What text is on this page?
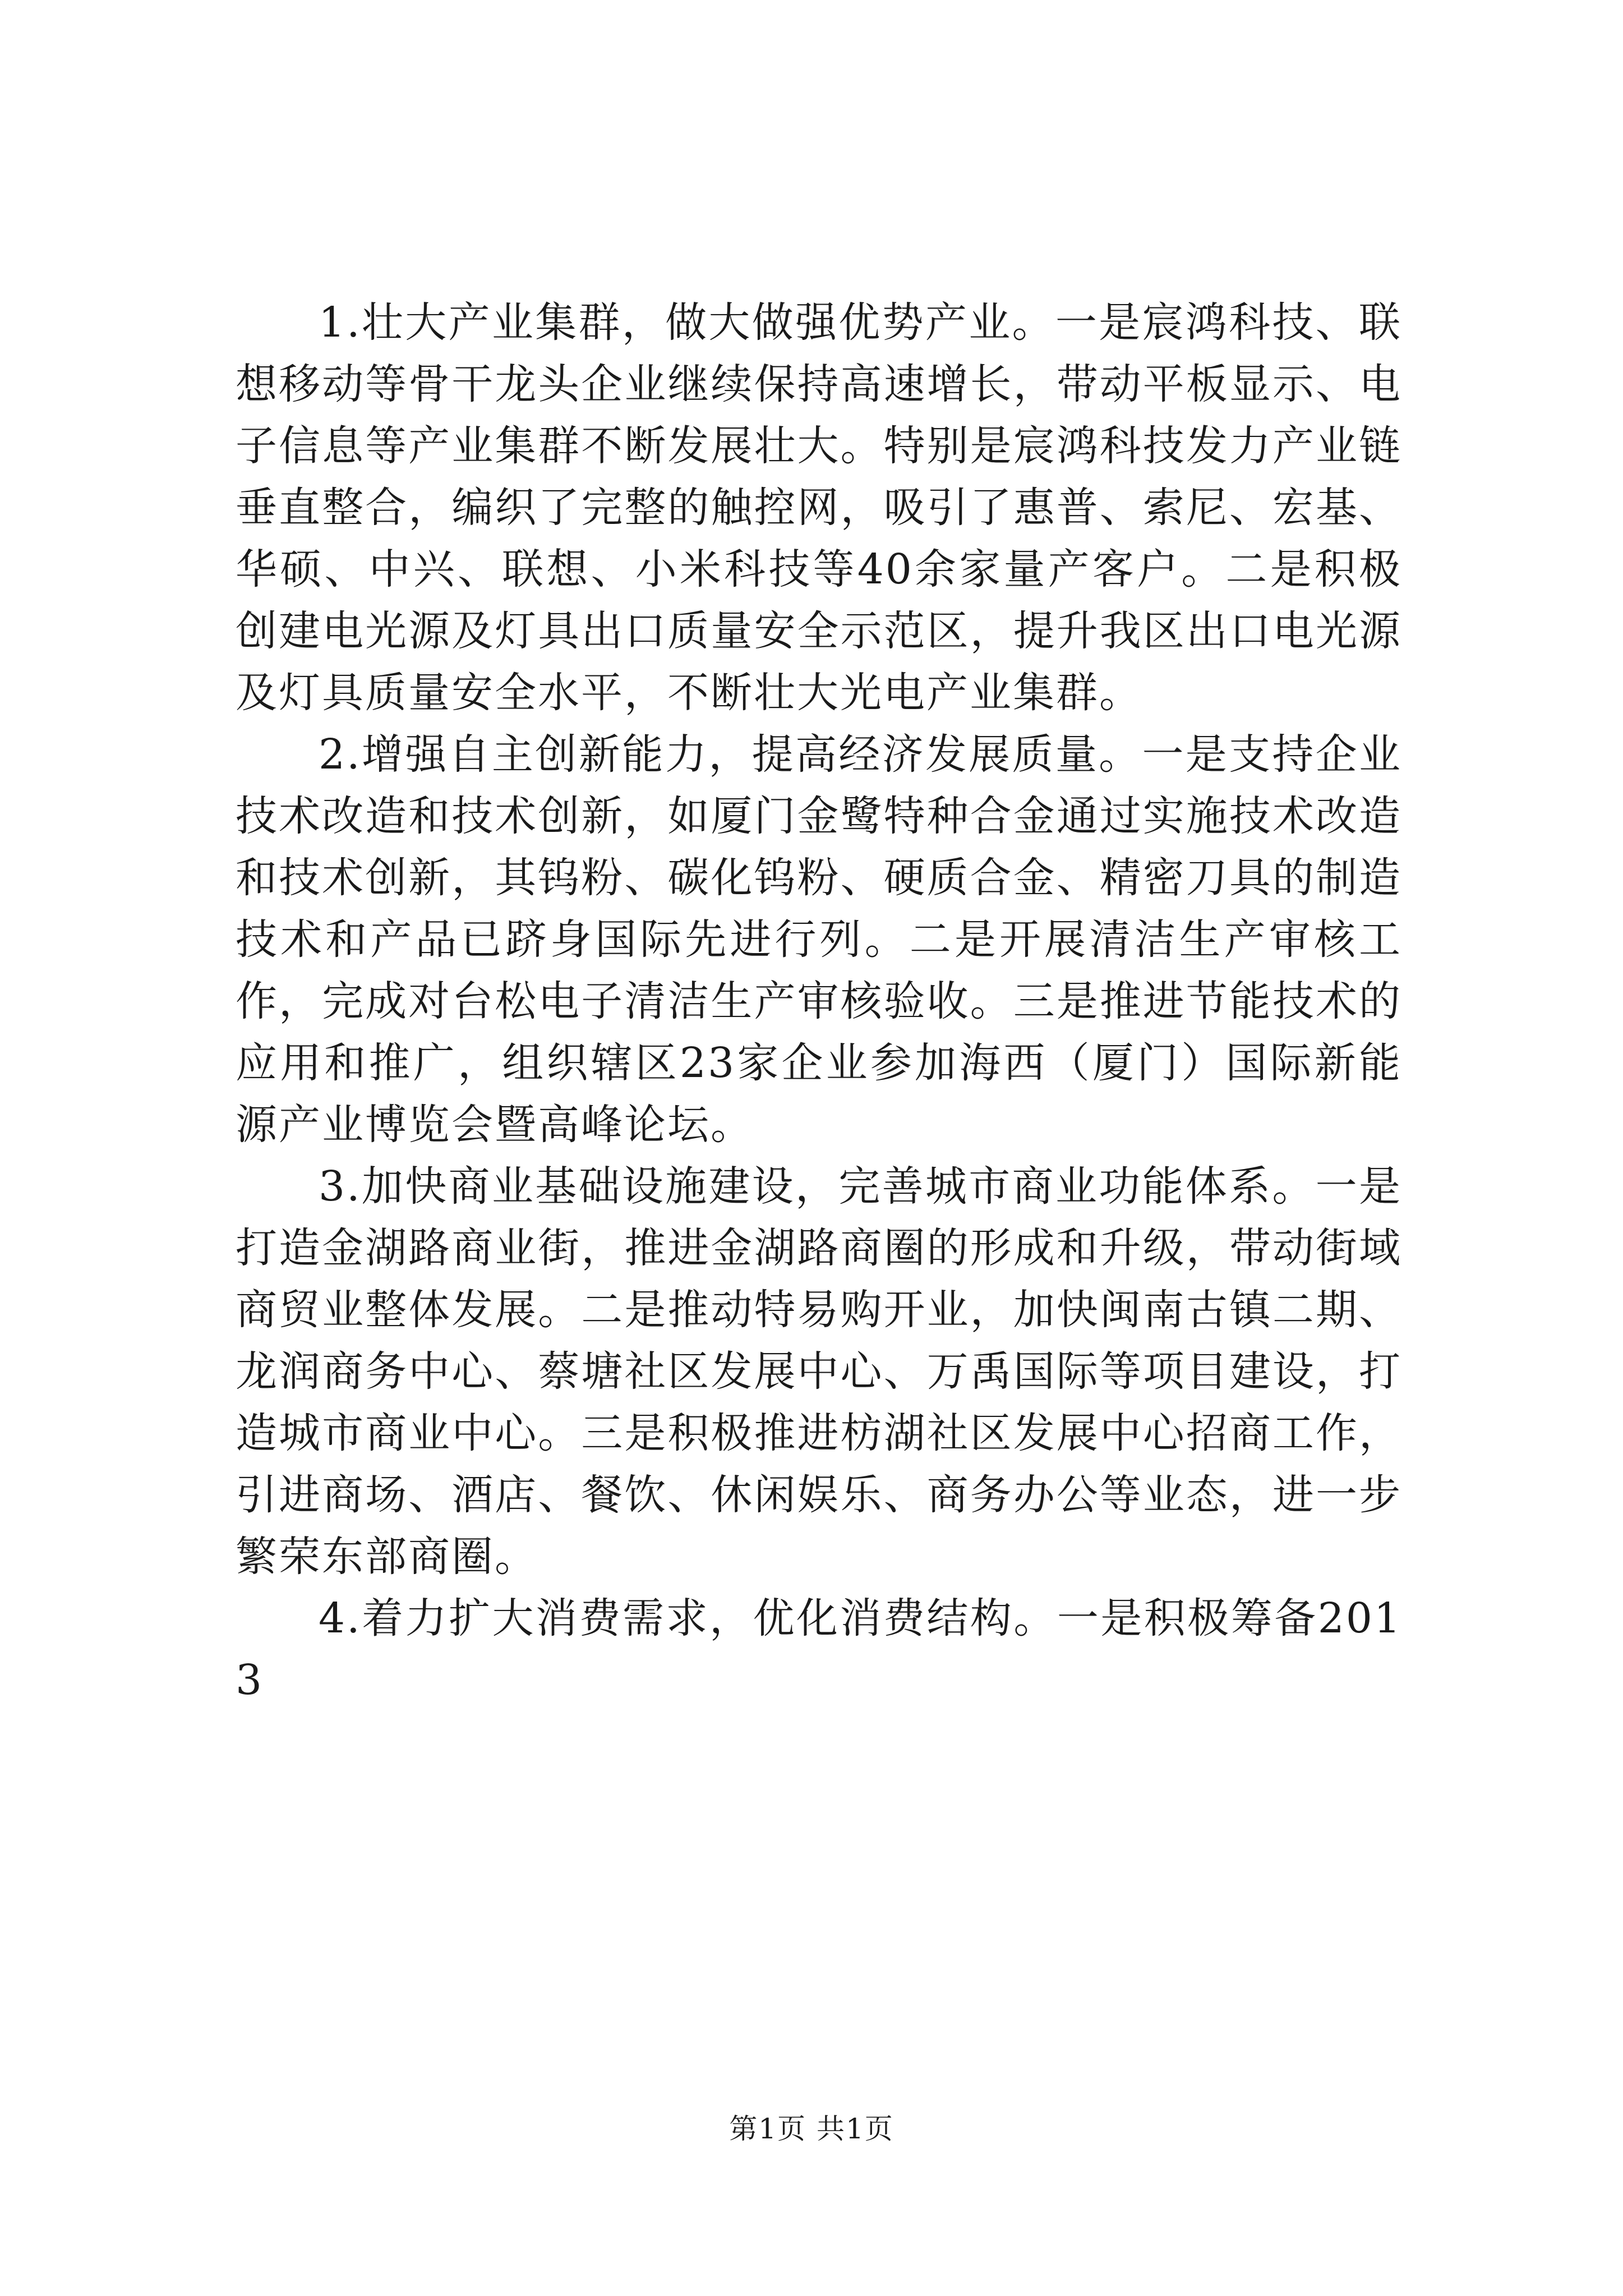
1.壮大产业集群，做大做强优势产业。一是宸鸿科技、联想移动等骨干龙头企业继续保持高速增长，带动平板显示、电子信息等产业集群不断发展壮大。特别是宸鸿科技发力产业链垂直整合，编织了完整的触控网，吸引了惠普、索尼、宏基、华硕、中兴、联想、小米科技等40余家量产客户。二是积极创建电光源及灯具出口质量安全示范区，提升我区出口电光源及灯具质量安全水平，不断壮大光电产业集群。

2.增强自主创新能力，提高经济发展质量。一是支持企业技术改造和技术创新，如厦门金鹭特种合金通过实施技术改造和技术创新，其钨粉、碳化钨粉、硬质合金、精密刀具的制造技术和产品已跻身国际先进行列。二是开展清洁生产审核工作，完成对台松电子清洁生产审核验收。三是推进节能技术的应用和推广，组织辖区23家企业参加海西（厦门）国际新能源产业博览会暨高峰论坛。

3.加快商业基础设施建设，完善城市商业功能体系。一是打造金湖路商业街，推进金湖路商圈的形成和升级，带动街域商贸业整体发展。二是推动特易购开业，加快闽南古镇二期、龙润商务中心、蔡塘社区发展中心、万禹国际等项目建设，打造城市商业中心。三是积极推进枋湖社区发展中心招商工作，引进商场、酒店、餐饮、休闲娱乐、商务办公等业态，进一步繁荣东部商圈。

4.着力扩大消费需求，优化消费结构。一是积极筹备2013

第1页 共1页
